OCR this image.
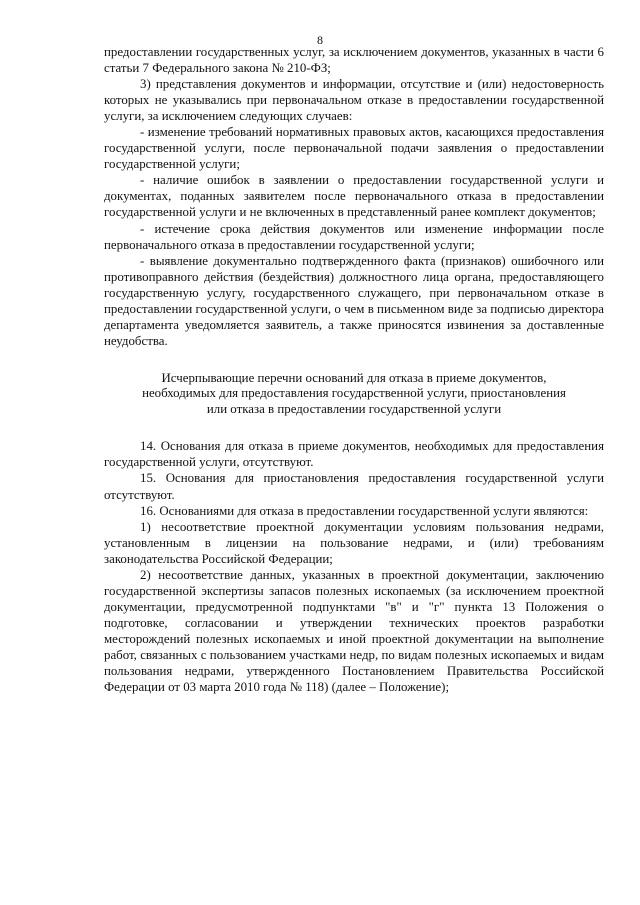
8

предоставлении государственных услуг, за исключением документов, указанных в части 6 статьи 7 Федерального закона № 210-ФЗ;

3) представления документов и информации, отсутствие и (или) недостоверность которых не указывались при первоначальном отказе в предоставлении государственной услуги, за исключением следующих случаев:

- изменение требований нормативных правовых актов, касающихся предоставления государственной услуги, после первоначальной подачи заявления о предоставлении государственной услуги;

- наличие ошибок в заявлении о предоставлении государственной услуги и документах, поданных заявителем после первоначального отказа в предоставлении государственной услуги и не включенных в представленный ранее комплект документов;

- истечение срока действия документов или изменение информации после первоначального отказа в предоставлении государственной услуги;

- выявление документально подтвержденного факта (признаков) ошибочного или противоправного действия (бездействия) должностного лица органа, предоставляющего государственную услугу, государственного служащего, при первоначальном отказе в предоставлении государственной услуги, о чем в письменном виде за подписью директора департамента уведомляется заявитель, а также приносятся извинения за доставленные неудобства.

Исчерпывающие перечни оснований для отказа в приеме документов,
необходимых для предоставления государственной услуги, приостановления
или отказа в предоставлении государственной услуги

14. Основания для отказа в приеме документов, необходимых для предоставления государственной услуги, отсутствуют.

15. Основания для приостановления предоставления государственной услуги отсутствуют.

16. Основаниями для отказа в предоставлении государственной услуги являются:

1) несоответствие проектной документации условиям пользования недрами, установленным в лицензии на пользование недрами, и (или) требованиям законодательства Российской Федерации;

2) несоответствие данных, указанных в проектной документации, заключению государственной экспертизы запасов полезных ископаемых (за исключением проектной документации, предусмотренной подпунктами "в" и "г" пункта 13 Положения о подготовке, согласовании и утверждении технических проектов разработки месторождений полезных ископаемых и иной проектной документации на выполнение работ, связанных с пользованием участками недр, по видам полезных ископаемых и видам пользования недрами, утвержденного Постановлением Правительства Российской Федерации от 03 марта 2010 года № 118) (далее – Положение);
